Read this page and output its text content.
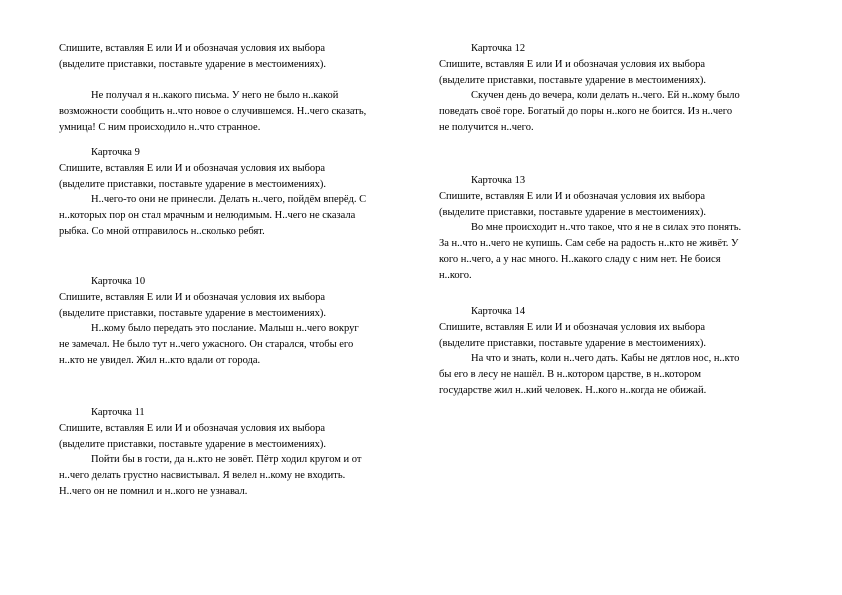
Спишите, вставляя Е или И и обозначая условия их выбора

(выделите приставки, поставьте ударение в местоимениях).

Не получал я н..какого письма. У него не было н..какой

возможности сообщить н..что новое о случившемся. Н..чего сказать,

умница! С ним происходило н..что странное.

Карточка 9

Спишите, вставляя Е или И и обозначая условия их выбора

(выделите приставки, поставьте ударение в местоимениях).

Н..чего-то они не принесли. Делать н..чего, пойдём вперёд. С

н..которых пор он стал мрачным и нелюдимым. Н..чего не сказала

рыбка. Со мной отправилось н..сколько ребят.

Карточка 10

Спишите, вставляя Е или И и обозначая условия их выбора

(выделите приставки, поставьте ударение в местоимениях).

Н..кому было передать это послание. Малыш н..чего вокруг

не замечал. Не было тут н..чего ужасного. Он старался, чтобы его

н..кто не увидел. Жил н..кто вдали от города.

Карточка 11

Спишите, вставляя Е или И и обозначая условия их выбора

(выделите приставки, поставьте ударение в местоимениях).

Пойти бы в гости, да н..кто не зовёт. Пётр ходил кругом и от

н..чего делать грустно насвистывал. Я велел н..кому не входить.

Н..чего он не помнил и н..кого не узнавал.

Карточка 12

Спишите, вставляя Е или И и обозначая условия их выбора

(выделите приставки, поставьте ударение в местоимениях).

Скучен день до вечера, коли делать н..чего. Ей н..кому было

поведать своё горе. Богатый до поры н..кого не боится. Из н..чего

не получится н..чего.

Карточка 13

Спишите, вставляя Е или И и обозначая условия их выбора

(выделите приставки, поставьте ударение в местоимениях).

Во мне происходит н..что такое, что я не в силах это понять.

За н..что н..чего не купишь. Сам себе на радость н..кто не живёт. У

кого н..чего, а у нас много. Н..какого сладу с ним нет. Не боися

н..кого.

Карточка 14

Спишите, вставляя Е или И и обозначая условия их выбора

(выделите приставки, поставьте ударение в местоимениях).

На что и знать, коли н..чего дать. Кабы не дятлов нос, н..кто

бы его в лесу не нашёл. В н..котором царстве, в н..котором

государстве жил н..кий человек. Н..кого н..когда не обижай.
